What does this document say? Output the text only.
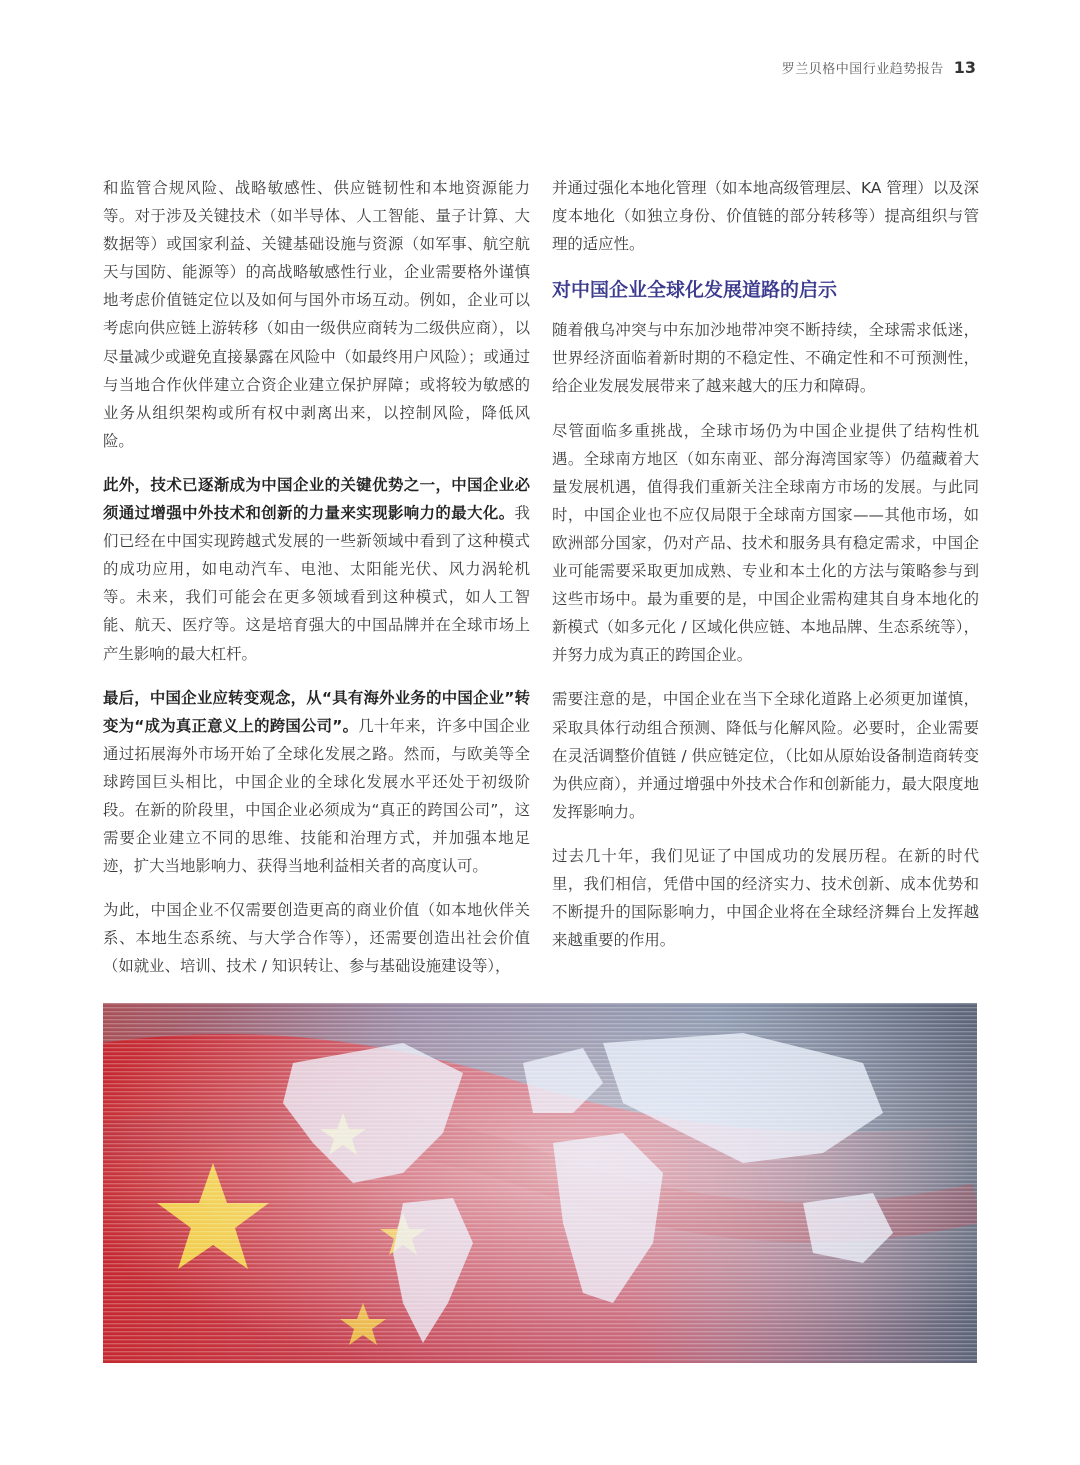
罗兰贝格中国行业趋势报告 13

和监管合规风险、战略敏感性、供应链韧性和本地资源能力等。对于涉及关键技术（如半导体、人工智能、量子计算、大数据等）或国家利益、关键基础设施与资源（如军事、航空航天与国防、能源等）的高战略敏感性行业，企业需要格外谨慎地考虑价值链定位以及如何与国外市场互动。例如，企业可以考虑向供应链上游转移（如由一级供应商转为二级供应商），以尽量减少或避免直接暴露在风险中（如最终用户风险）；或通过与当地合作伙伴建立合资企业建立保护屏障；或将较为敏感的业务从组织架构或所有权中剥离出来，以控制风险，降低风险。

此外，技术已逐渐成为中国企业的关键优势之一，中国企业必须通过增强中外技术和创新的力量来实现影响力的最大化。我们已经在中国实现跨越式发展的一些新领域中看到了这种模式的成功应用，如电动汽车、电池、太阳能光伏、风力涡轮机等。未来，我们可能会在更多领域看到这种模式，如人工智能、航天、医疗等。这是培育强大的中国品牌并在全球市场上产生影响的最大杠杆。

最后，中国企业应转变观念，从“具有海外业务的中国企业”转变为“成为真正意义上的跨国公司”。几十年来，许多中国企业通过拓展海外市场开始了全球化发展之路。然而，与欧美等全球跨国巨头相比，中国企业的全球化发展水平还处于初级阶段。在新的阶段里，中国企业必须成为“真正的跨国公司”，这需要企业建立不同的思维、技能和治理方式，并加强本地足迹，扩大当地影响力、获得当地利益相关者的高度认可。

为此，中国企业不仅需要创造更高的商业价值（如本地伙伴关系、本地生态系统、与大学合作等），还需要创造出社会价值（如就业、培训、技术 / 知识转让、参与基础设施建设等），

并通过强化本地化管理（如本地高级管理层、KA 管理）以及深度本地化（如独立身份、价值链的部分转移等）提高组织与管理的适应性。

对中国企业全球化发展道路的启示

随着俄乌冲突与中东加沙地带冲突不断持续，全球需求低迷，世界经济面临着新时期的不稳定性、不确定性和不可预测性，给企业发展发展带来了越来越大的压力和障碍。

尽管面临多重挑战，全球市场仍为中国企业提供了结构性机遇。全球南方地区（如东南亚、部分海湾国家等）仍蕴藏着大量发展机遇，值得我们重新关注全球南方市场的发展。与此同时，中国企业也不应仅局限于全球南方国家——其他市场，如欧洲部分国家，仍对产品、技术和服务具有稳定需求，中国企业可能需要采取更加成熟、专业和本土化的方法与策略参与到这些市场中。最为重要的是，中国企业需构建其自身本地化的新模式（如多元化 / 区域化供应链、本地品牌、生态系统等），并努力成为真正的跨国企业。

需要注意的是，中国企业在当下全球化道路上必须更加谨慎，采取具体行动组合预测、降低与化解风险。必要时，企业需要在灵活调整价值链 / 供应链定位，（比如从原始设备制造商转变为供应商），并通过增强中外技术合作和创新能力，最大限度地发挥影响力。

过去几十年，我们见证了中国成功的发展历程。在新的时代里，我们相信，凭借中国的经济实力、技术创新、成本优势和不断提升的国际影响力，中国企业将在全球经济舞台上发挥越来越重要的作用。
